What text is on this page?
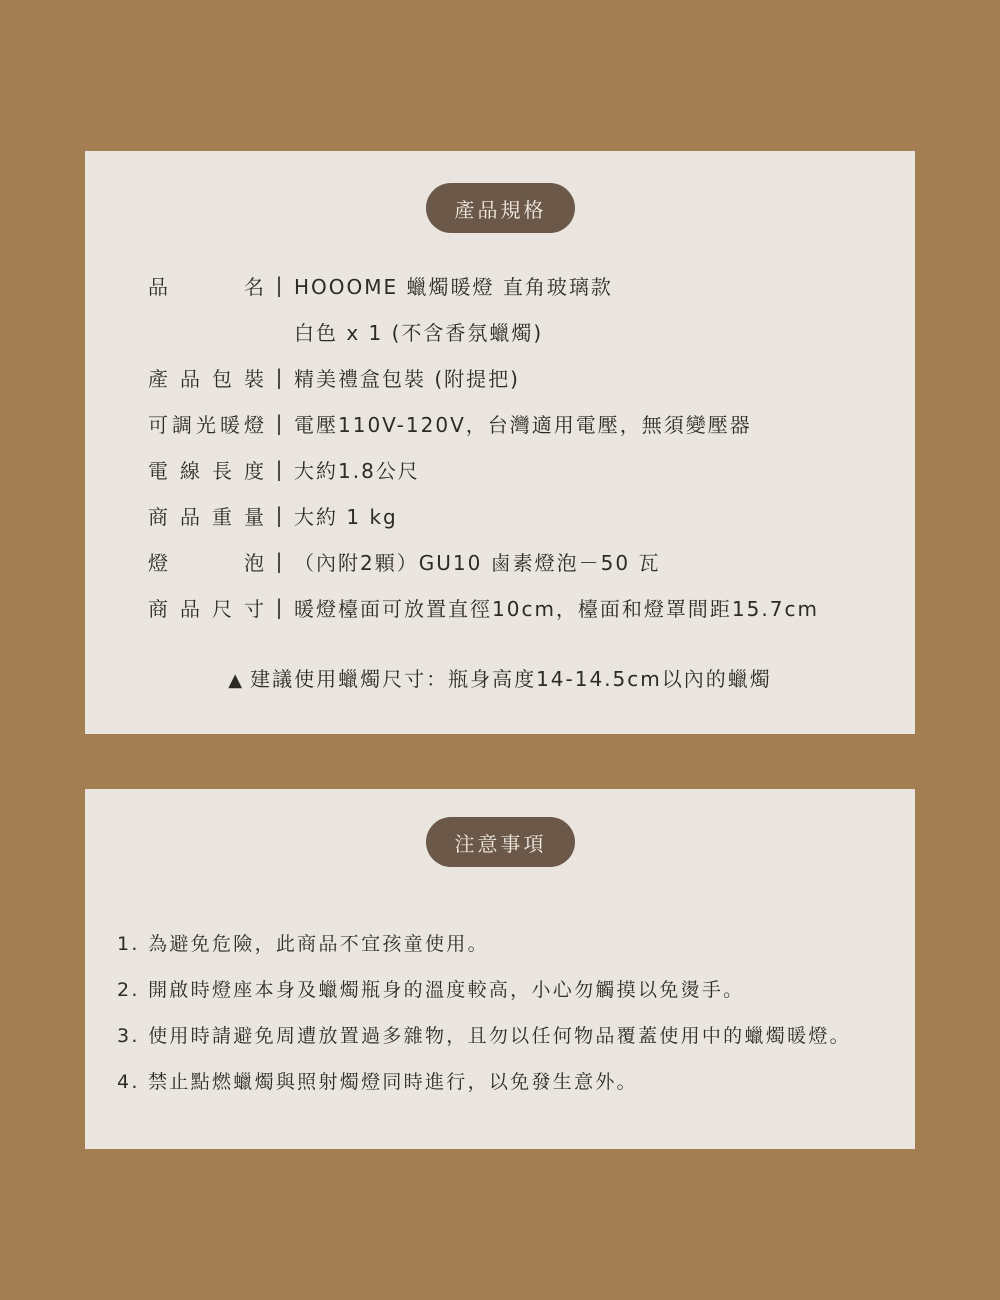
產品規格
品	名 | HOOOME 蠟燭暖燈 直角玻璃款
白色 x 1 (不含香氛蠟燭)
產 品 包 裝 | 精美禮盒包裝 (附提把)
可 調 光 暖 燈 | 電壓110V-120V，台灣適用電壓，無須變壓器
電 線 長 度 | 大約1.8公尺
商 品 重 量 | 大約 1 kg
燈	泡 | （內附2顆）GU10 鹵素燈泡－50 瓦
商 品 尺 寸 | 暖燈檯面可放置直徑10cm，檯面和燈罩間距15.7cm
▲ 建議使用蠟燭尺寸：瓶身高度14-14.5cm以內的蠟燭
注意事項
1. 為避免危險，此商品不宜孩童使用。
2. 開啟時燈座本身及蠟燭瓶身的溫度較高，小心勿觸摸以免燙手。
3. 使用時請避免周遭放置過多雜物，且勿以任何物品覆蓋使用中的蠟燭暖燈。
4. 禁止點燃蠟燭與照射燭燈同時進行，以免發生意外。
